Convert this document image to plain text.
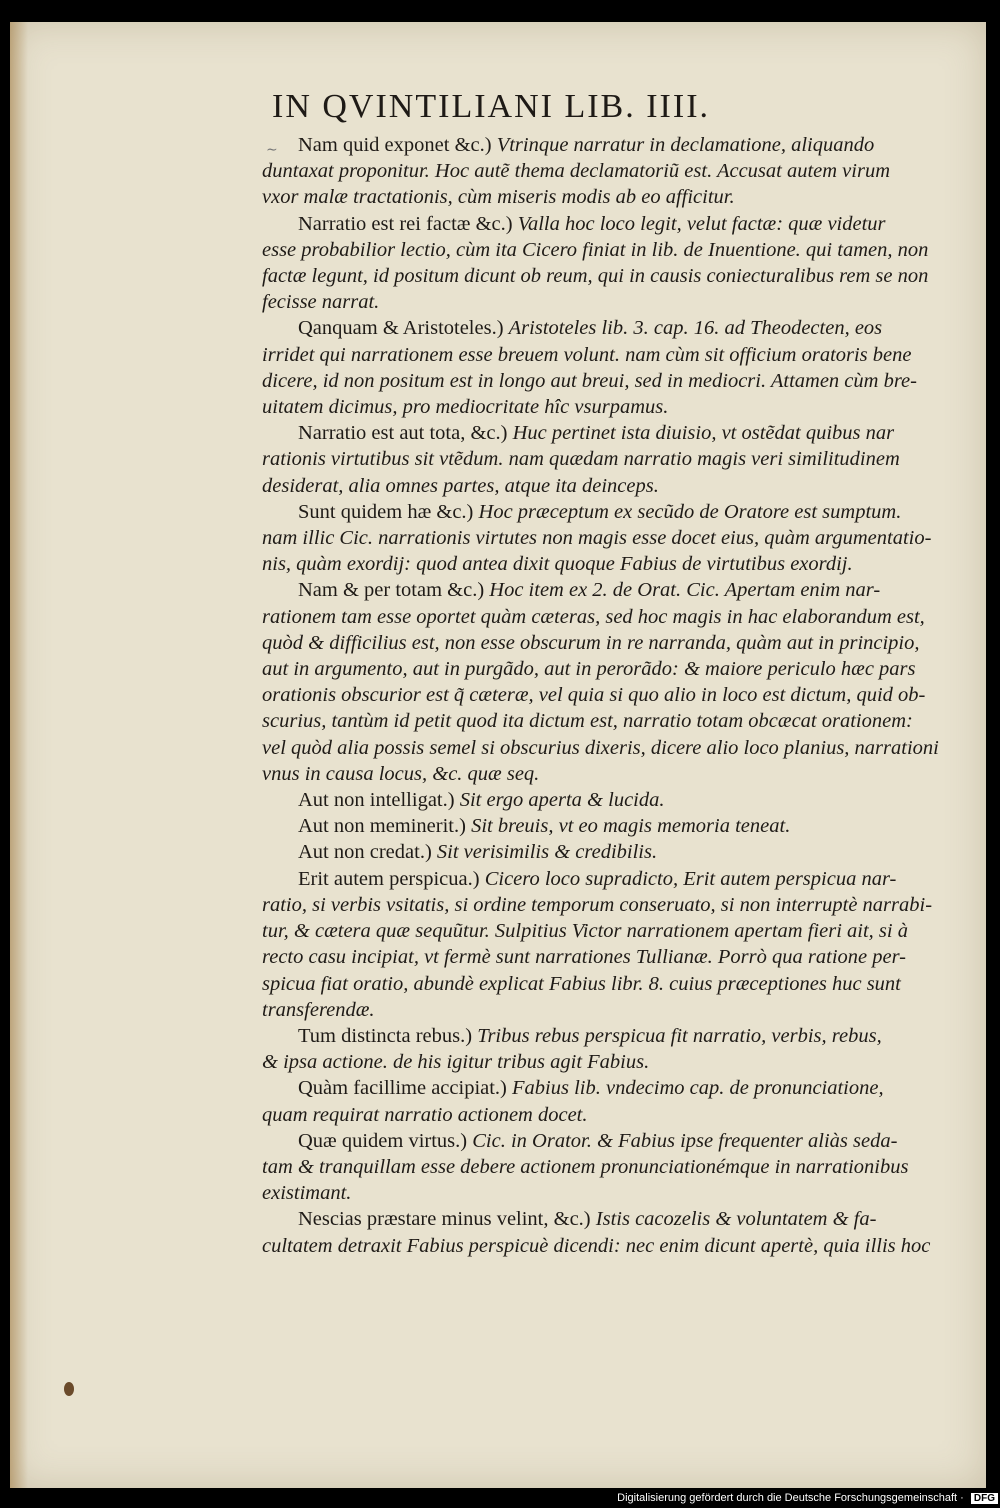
IN QVINTILIANI LIB. IIII.
∼ Nam quid exponet &c.) Vtrinque narratur in declamatione, aliquando
duntaxat proponitur. Hoc autẽ thema declamatoriũ est. Accusat autem virum
vxor malæ tractationis, cùm miseris modis ab eo afficitur.
Narratio est rei factæ &c.) Valla hoc loco legit, velut factæ: quæ videtur
esse probabilior lectio, cùm ita Cicero finiat in lib. de Inuentione. qui tamen, non
factæ legunt, id positum dicunt ob reum, qui in causis coniecturalibus rem se non
fecisse narrat.
Qanquam & Aristoteles.) Aristoteles lib. 3. cap. 16. ad Theodecten, eos
irridet qui narrationem esse breuem volunt. nam cùm sit officium oratoris bene
dicere, id non positum est in longo aut breui, sed in mediocri. Attamen cùm bre-
uitatem dicimus, pro mediocritate hîc vsurpamus.
Narratio est aut tota, &c.) Huc pertinet ista diuisio, vt ostẽdat quibus nar
rationis virtutibus sit vtẽdum. nam quædam narratio magis veri similitudinem
desiderat, alia omnes partes, atque ita deinceps.
Sunt quidem hæ &c.) Hoc præceptum ex secũdo de Oratore est sumptum.
nam illic Cic. narrationis virtutes non magis esse docet eius, quàm argumentatio-
nis, quàm exordij: quod antea dixit quoque Fabius de virtutibus exordij.
Nam & per totam &c.) Hoc item ex 2. de Orat. Cic. Apertam enim nar-
rationem tam esse oportet quàm cæteras, sed hoc magis in hac elaborandum est,
quòd & difficilius est, non esse obscurum in re narranda, quàm aut in principio,
aut in argumento, aut in purgãdo, aut in perorãdo: & maiore periculo hæc pars
orationis obscurior est q̃ cæteræ, vel quia si quo alio in loco est dictum, quid ob-
scurius, tantùm id petit quod ita dictum est, narratio totam obcæcat orationem:
vel quòd alia possis semel si obscurius dixeris, dicere alio loco planius, narrationi
vnus in causa locus, &c. quæ seq.
Aut non intelligat.) Sit ergo aperta & lucida.
Aut non meminerit.) Sit breuis, vt eo magis memoria teneat.
Aut non credat.) Sit verisimilis & credibilis.
Erit autem perspicua.) Cicero loco supradicto, Erit autem perspicua nar-
ratio, si verbis vsitatis, si ordine temporum conseruato, si non interruptè narrabi-
tur, & cætera quæ sequũtur. Sulpitius Victor narrationem apertam fieri ait, si à
recto casu incipiat, vt fermè sunt narrationes Tullianæ. Porrò qua ratione per-
spicua fiat oratio, abundè explicat Fabius libr. 8. cuius præceptiones huc sunt
transferendæ.
Tum distincta rebus.) Tribus rebus perspicua fit narratio, verbis, rebus,
& ipsa actione. de his igitur tribus agit Fabius.
Quàm facillime accipiat.) Fabius lib. vndecimo cap. de pronunciatione,
quam requirat narratio actionem docet.
Quæ quidem virtus.) Cic. in Orator. & Fabius ipse frequenter aliàs seda-
tam & tranquillam esse debere actionem pronunciationémque in narrationibus
existimant.
Nescias præstare minus velint, &c.) Istis cacozelis & voluntatem & fa-
cultatem detraxit Fabius perspicuè dicendi: nec enim dicunt apertè, quia illis hoc
Digitalisierung gefördert durch die Deutsche Forschungsgemeinschaft · DFG
